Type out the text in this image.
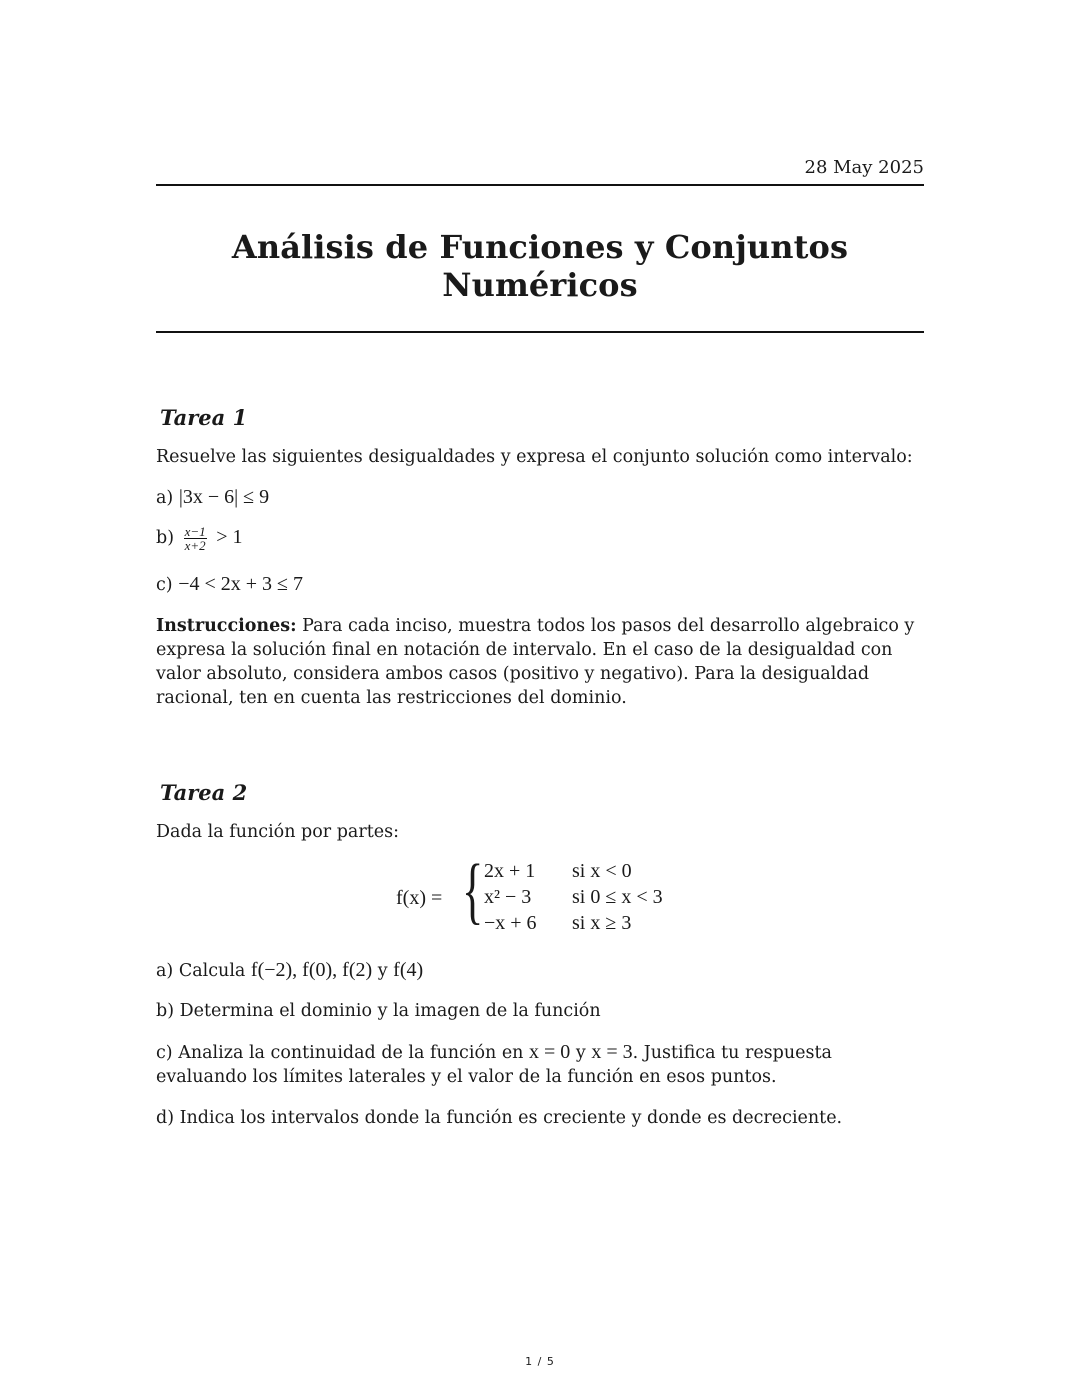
28 May 2025
Análisis de Funciones y Conjuntos Numéricos
Tarea 1
Resuelve las siguientes desigualdades y expresa el conjunto solución como intervalo:
a) |3x − 6| ≤ 9
$b) \frac{x-1}{x+2} > 1$
c) −4 < 2x + 3 ≤ 7
Instrucciones: Para cada inciso, muestra todos los pasos del desarrollo algebraico y expresa la solución final en notación de intervalo. En el caso de la desigualdad con valor absoluto, considera ambos casos (positivo y negativo). Para la desigualdad racional, ten en cuenta las restricciones del dominio.
Tarea 2
Dada la función por partes:
f(x) = { 2x + 1 si x < 0
x² − 3 si 0 ≤ x < 3
−x + 6 si x ≥ 3
a) Calcula f(−2), f(0), f(2) y f(4)
b) Determina el dominio y la imagen de la función
c) Analiza la continuidad de la función en x = 0 y x = 3. Justifica tu respuesta evaluando los límites laterales y el valor de la función en esos puntos.
d) Indica los intervalos donde la función es creciente y donde es decreciente.
1 / 5
